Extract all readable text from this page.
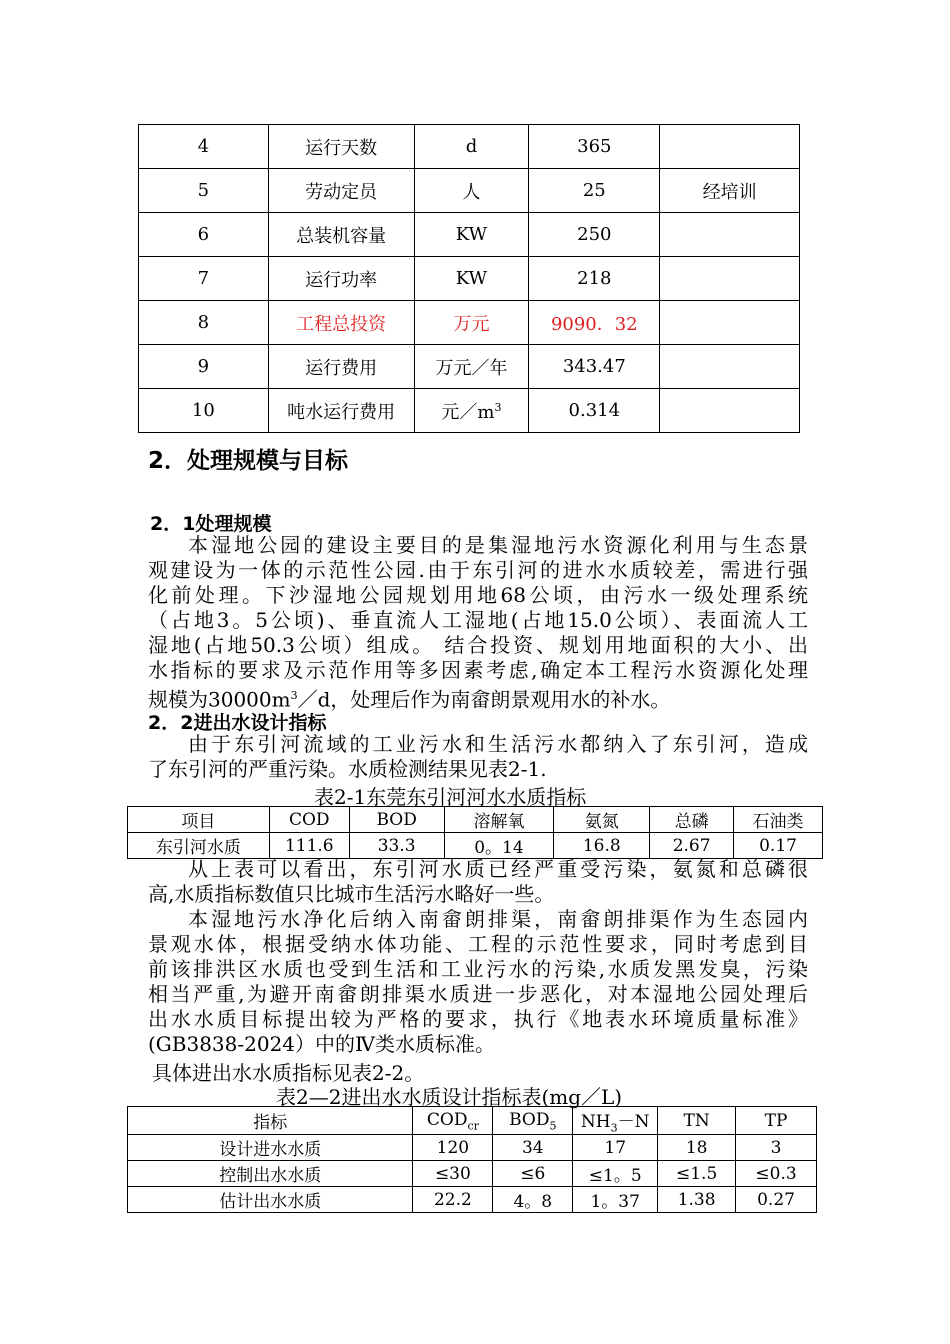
4	运行天数	d	365	
5	劳动定员	人	25	经培训
6	总装机容量	KW	250	
7	运行功率	KW	218	
8	工程总投资	万元	9090．32	
9	运行费用	万元／年	343.47	
10	吨水运行费用	元$/m^3$	0.314	
2．处理规模与目标
2．1处理规模
本湿地公园的建设主要目的是集湿地污水资源化利用与生态景
观建设为一体的示范性公园.由于东引河的进水水质较差，需进行强
化前处理。下沙湿地公园规划用地68公顷，由污水一级处理系统
（占地3。5公顷)、垂直流人工湿地(占地15.0公顷）、表面流人工
湿地(占地50.3公顷）组成。 结合投资、规划用地面积的大小、出
水指标的要求及示范作用等多因素考虑,确定本工程污水资源化处理
规模为$30000m^3/d$，处理后作为南畲朗景观用水的补水。
2．2进出水设计指标
由于东引河流域的工业污水和生活污水都纳入了东引河，造成
了东引河的严重污染。水质检测结果见表2-1.
表2-1东莞东引河河水水质指标
项目	COD	BOD	溶解氧	氨氮	总磷	石油类
东引河水质	111.6	33.3	0。14	16.8	2.67	0.17
从上表可以看出，东引河水质已经严重受污染，氨氮和总磷很
高,水质指标数值只比城市生活污水略好一些。
本湿地污水净化后纳入南畲朗排渠，南畲朗排渠作为生态园内
景观水体，根据受纳水体功能、工程的示范性要求，同时考虑到目
前该排洪区水质也受到生活和工业污水的污染,水质发黑发臭，污染
相当严重,为避开南畲朗排渠水质进一步恶化，对本湿地公园处理后
出水水质目标提出较为严格的要求，执行《地表水环境质量标准》
(GB3838-2024）中的Ⅳ类水质标准。
具体进出水水质指标见表2-2。
表2—2进出水水质设计指标表(mg／L)
指标	$COD_{cr}$	$BOD_5$	$NH_3-N$	TN	TP
设计进水水质	120	34	17	18	3
控制出水水质	≤30	≤6	≤1。5	≤1.5	≤0.3
估计出水水质	22.2	4。8	1。37	1.38	0.27
